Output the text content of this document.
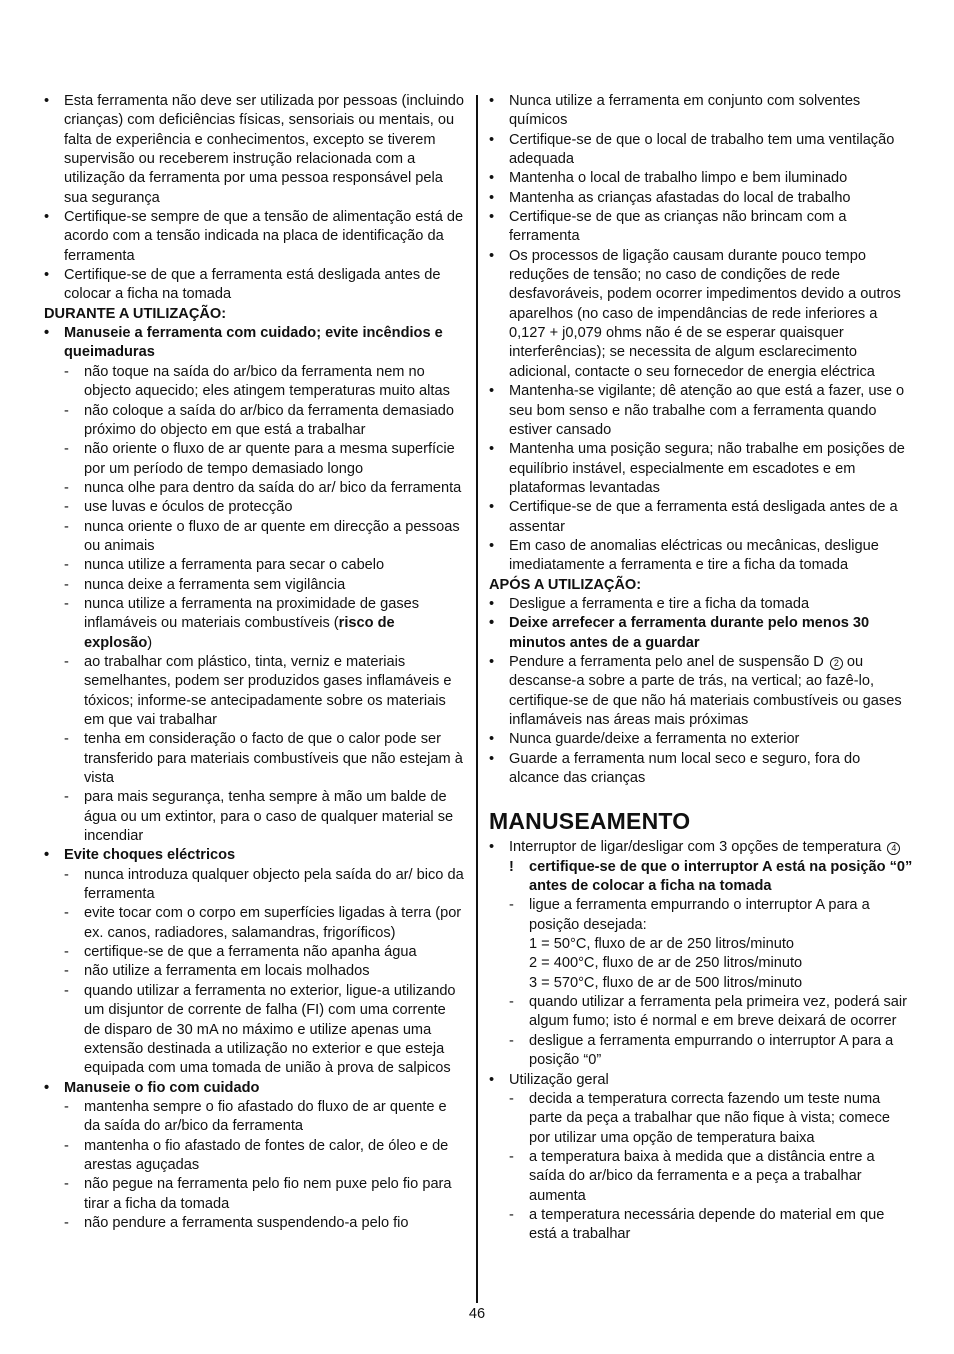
• Esta ferramenta não deve ser utilizada por pessoas (incluindo crianças) com deficiências físicas, sensoriais ou mentais, ou falta de experiência e conhecimentos, excepto se tiverem supervisão ou receberem instrução relacionada com a utilização da ferramenta por uma pessoa responsável pela sua segurança
• Certifique-se sempre de que a tensão de alimentação está de acordo com a tensão indicada na placa de identificação da ferramenta
• Certifique-se de que a ferramenta está desligada antes de colocar a ficha na tomada
DURANTE A UTILIZAÇÃO:
• Manuseie a ferramenta com cuidado; evite incêndios e queimaduras
- não toque na saída do ar/bico da ferramenta nem no objecto aquecido; eles atingem temperaturas muito altas
- não coloque a saída do ar/bico da ferramenta demasiado próximo do objecto em que está a trabalhar
- não oriente o fluxo de ar quente para a mesma superfície por um período de tempo demasiado longo
- nunca olhe para dentro da saída do ar/ bico da ferramenta
- use luvas e óculos de protecção
- nunca oriente o fluxo de ar quente em direcção a pessoas ou animais
- nunca utilize a ferramenta para secar o cabelo
- nunca deixe a ferramenta sem vigilância
- nunca utilize a ferramenta na proximidade de gases inflamáveis ou materiais combustíveis (risco de explosão)
- ao trabalhar com plástico, tinta, verniz e materiais semelhantes, podem ser produzidos gases inflamáveis e tóxicos; informe-se antecipadamente sobre os materiais em que vai trabalhar
- tenha em consideração o facto de que o calor pode ser transferido para materiais combustíveis que não estejam à vista
- para mais segurança, tenha sempre à mão um balde de água ou um extintor, para o caso de qualquer material se incendiar
• Evite choques eléctricos
- nunca introduza qualquer objecto pela saída do ar/ bico da ferramenta
- evite tocar com o corpo em superfícies ligadas à terra (por ex. canos, radiadores, salamandras, frigoríficos)
- certifique-se de que a ferramenta não apanha água
- não utilize a ferramenta em locais molhados
- quando utilizar a ferramenta no exterior, ligue-a utilizando um disjuntor de corrente de falha (FI) com uma corrente de disparo de 30 mA no máximo e utilize apenas uma extensão destinada a utilização no exterior e que esteja equipada com uma tomada de união à prova de salpicos
• Manuseie o fio com cuidado
- mantenha sempre o fio afastado do fluxo de ar quente e da saída do ar/bico da ferramenta
- mantenha o fio afastado de fontes de calor, de óleo e de arestas aguçadas
- não pegue na ferramenta pelo fio nem puxe pelo fio para tirar a ficha da tomada
- não pendure a ferramenta suspendendo-a pelo fio
• Nunca utilize a ferramenta em conjunto com solventes químicos
• Certifique-se de que o local de trabalho tem uma ventilação adequada
• Mantenha o local de trabalho limpo e bem iluminado
• Mantenha as crianças afastadas do local de trabalho
• Certifique-se de que as crianças não brincam com a ferramenta
• Os processos de ligação causam durante pouco tempo reduções de tensão; no caso de condições de rede desfavoráveis, podem ocorrer impedimentos devido a outros aparelhos (no caso de impendâncias de rede inferiores a 0,127 + j0,079 ohms não é de se esperar quaisquer interferências); se necessita de algum esclarecimento adicional, contacte o seu fornecedor de energia eléctrica
• Mantenha-se vigilante; dê atenção ao que está a fazer, use o seu bom senso e não trabalhe com a ferramenta quando estiver cansado
• Mantenha uma posição segura; não trabalhe em posições de equilíbrio instável, especialmente em escadotes e em plataformas levantadas
• Certifique-se de que a ferramenta está desligada antes de a assentar
• Em caso de anomalias eléctricas ou mecânicas, desligue imediatamente a ferramenta e tire a ficha da tomada
APÓS A UTILIZAÇÃO:
• Desligue a ferramenta e tire a ficha da tomada
• Deixe arrefecer a ferramenta durante pelo menos 30 minutos antes de a guardar
• Pendure a ferramenta pelo anel de suspensão D 2 ou descanse-a sobre a parte de trás, na vertical; ao fazê-lo, certifique-se de que não há materiais combustíveis ou gases inflamáveis nas áreas mais próximas
• Nunca guarde/deixe a ferramenta no exterior
• Guarde a ferramenta num local seco e seguro, fora do alcance das crianças
MANUSEAMENTO
• Interruptor de ligar/desligar com 3 opções de temperatura 4
! certifique-se de que o interruptor A está na posição “0” antes de colocar a ficha na tomada
- ligue a ferramenta empurrando o interruptor A para a posição desejada:
1 = 50°C, fluxo de ar de 250 litros/minuto
2 = 400°C, fluxo de ar de 250 litros/minuto
3 = 570°C, fluxo de ar de 500 litros/minuto
- quando utilizar a ferramenta pela primeira vez, poderá sair algum fumo; isto é normal e em breve deixará de ocorrer
- desligue a ferramenta empurrando o interruptor A para a posição “0”
• Utilização geral
- decida a temperatura correcta fazendo um teste numa parte da peça a trabalhar que não fique à vista; comece por utilizar uma opção de temperatura baixa
- a temperatura baixa à medida que a distância entre a saída do ar/bico da ferramenta e a peça a trabalhar aumenta
- a temperatura necessária depende do material em que está a trabalhar
46
